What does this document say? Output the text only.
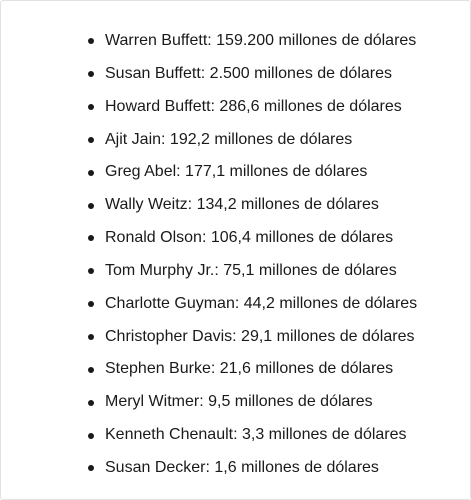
Warren Buffett: 159.200 millones de dólares
Susan Buffett: 2.500 millones de dólares
Howard Buffett: 286,6 millones de dólares
Ajit Jain: 192,2 millones de dólares
Greg Abel: 177,1 millones de dólares
Wally Weitz: 134,2 millones de dólares
Ronald Olson: 106,4 millones de dólares
Tom Murphy Jr.: 75,1 millones de dólares
Charlotte Guyman: 44,2 millones de dólares
Christopher Davis: 29,1 millones de dólares
Stephen Burke: 21,6 millones de dólares
Meryl Witmer: 9,5 millones de dólares
Kenneth Chenault: 3,3 millones de dólares
Susan Decker: 1,6 millones de dólares
